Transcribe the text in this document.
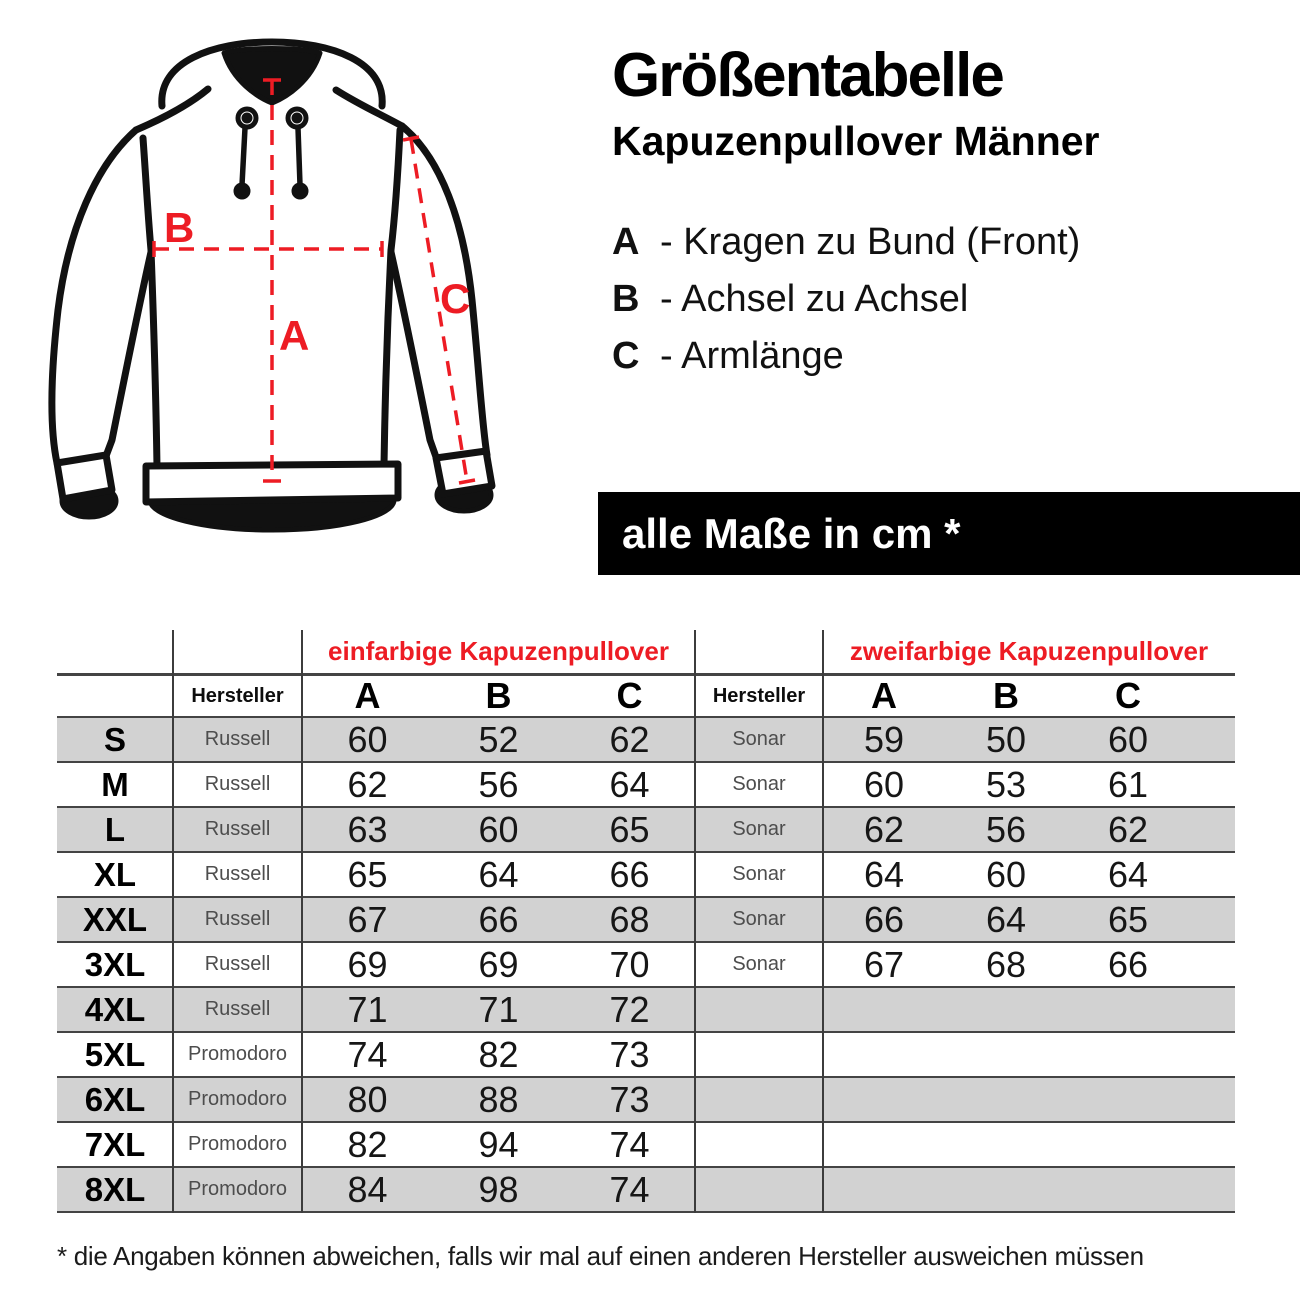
B
A
C
Größentabelle
Kapuzenpullover Männer
A - Kragen zu Bund (Front)
B - Achsel zu Achsel
C - Armlänge
alle Maße in cm *
einfarbige Kapuzenpullover	zweifarbige Kapuzenpullover
Hersteller	A	B	C	Hersteller	A	B	C
S	Russell	60	52	62	Sonar	59	50	60
M	Russell	62	56	64	Sonar	60	53	61
L	Russell	63	60	65	Sonar	62	56	62
XL	Russell	65	64	66	Sonar	64	60	64
XXL	Russell	67	66	68	Sonar	66	64	65
3XL	Russell	69	69	70	Sonar	67	68	66
4XL	Russell	71	71	72
5XL	Promodoro	74	82	73
6XL	Promodoro	80	88	73
7XL	Promodoro	82	94	74
8XL	Promodoro	84	98	74
* die Angaben können abweichen, falls wir mal auf einen anderen Hersteller ausweichen müssen
